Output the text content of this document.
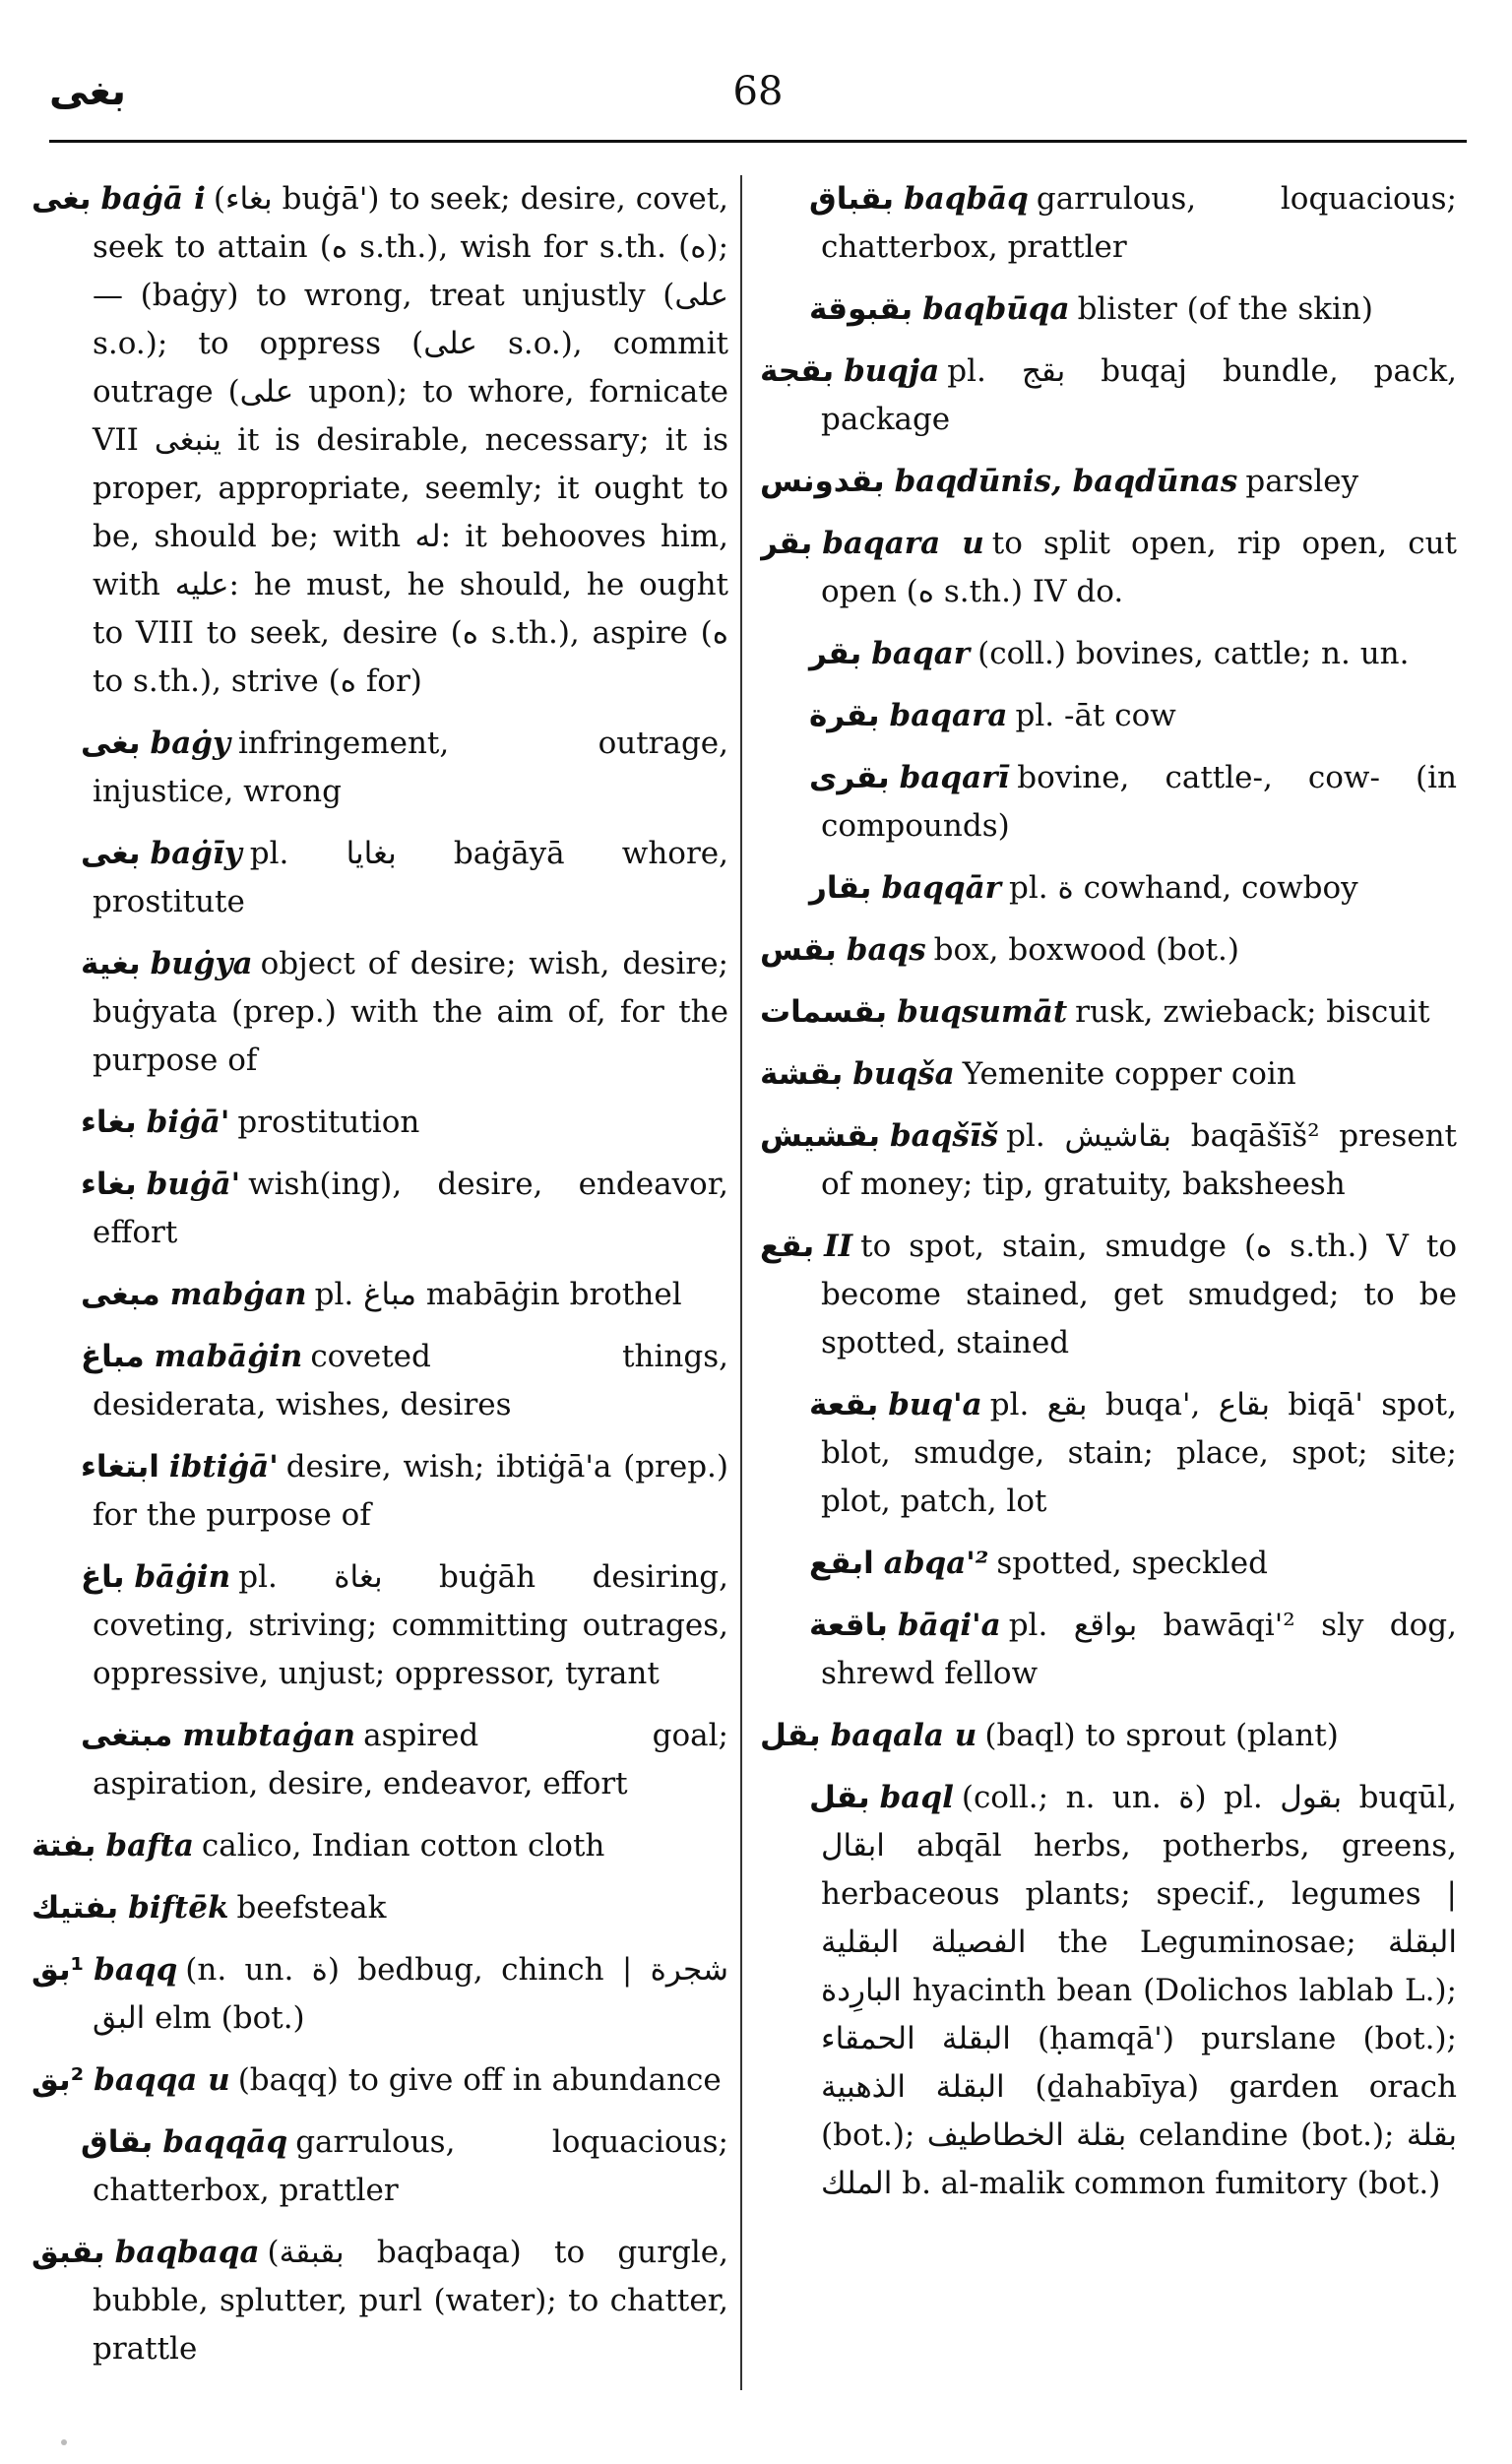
بغى	68

بغى baġā i (بغاء buġā') to seek; desire, covet, seek to attain (ه s.th.), wish for s.th. (ه); — (baġy) to wrong, treat unjustly (على s.o.); to oppress (على s.o.), commit outrage (على upon); to whore, fornicate VII ينبغى it is desirable, necessary; it is proper, appropriate, seemly; it ought to be, should be; with له: it behooves him, with عليه: he must, he should, he ought to VIII to seek, desire (ه s.th.), aspire (ه to s.th.), strive (ه for)

بغى baġy infringement, outrage, injustice, wrong

بغى baġīy pl. بغايا baġāyā whore, prostitute

بغية buġya object of desire; wish, desire; buġyata (prep.) with the aim of, for the purpose of

بغاء biġā' prostitution

بغاء buġā' wish(ing), desire, endeavor, effort

مبغى mabġan pl. مباغ mabāġin brothel

مباغ mabāġin coveted things, desiderata, wishes, desires

ابتغاء ibtiġā' desire, wish; ibtiġā'a (prep.) for the purpose of

باغ bāġin pl. بغاة buġāh desiring, coveting, striving; committing outrages, oppressive, unjust; oppressor, tyrant

مبتغى mubtaġan aspired goal; aspiration, desire, endeavor, effort

بفتة bafta calico, Indian cotton cloth

بفتيك biftēk beefsteak

¹بق baqq (n. un. ة) bedbug, chinch | شجرة البق elm (bot.)

²بق baqqa u (baqq) to give off in abundance

بقاق baqqāq garrulous, loquacious; chatterbox, prattler

بقبق baqbaqa (بقبقة baqbaqa) to gurgle, bubble, splutter, purl (water); to chatter, prattle

بقباق baqbāq garrulous, loquacious; chatterbox, prattler

بقبوقة baqbūqa blister (of the skin)

بقجة buqja pl. بقج buqaj bundle, pack, package

بقدونس baqdūnis, baqdūnas parsley

بقر baqara u to split open, rip open, cut open (ه s.th.) IV do.

بقر baqar (coll.) bovines, cattle; n. un.

بقرة baqara pl. -āt cow

بقرى baqarī bovine, cattle-, cow- (in compounds)

بقار baqqār pl. ة cowhand, cowboy

بقس baqs box, boxwood (bot.)

بقسمات buqsumāt rusk, zwieback; biscuit

بقشة buqša Yemenite copper coin

بقشيش baqšīš pl. بقاشيش baqāšīš² present of money; tip, gratuity, baksheesh

بقع II to spot, stain, smudge (ه s.th.) V to become stained, get smudged; to be spotted, stained

بقعة buq'a pl. بقع buqa', بقاع biqā' spot, blot, smudge, stain; place, spot; site; plot, patch, lot

ابقع abqa'² spotted, speckled

باقعة bāqi'a pl. بواقع bawāqi'² sly dog, shrewd fellow

بقل baqala u (baql) to sprout (plant)

بقل baql (coll.; n. un. ة) pl. بقول buqūl, ابقال abqāl herbs, potherbs, greens, herbaceous plants; specif., legumes | الفصيلة البقلية the Leguminosae; البقلة البارِدة hyacinth bean (Dolichos lablab L.); البقلة الحمقاء (ḥamqā') purslane (bot.); البقلة الذهبية (ḏahabīya) garden orach (bot.); بقلة الخطاطيف celandine (bot.); بقلة الملك b. al-malik common fumitory (bot.)
